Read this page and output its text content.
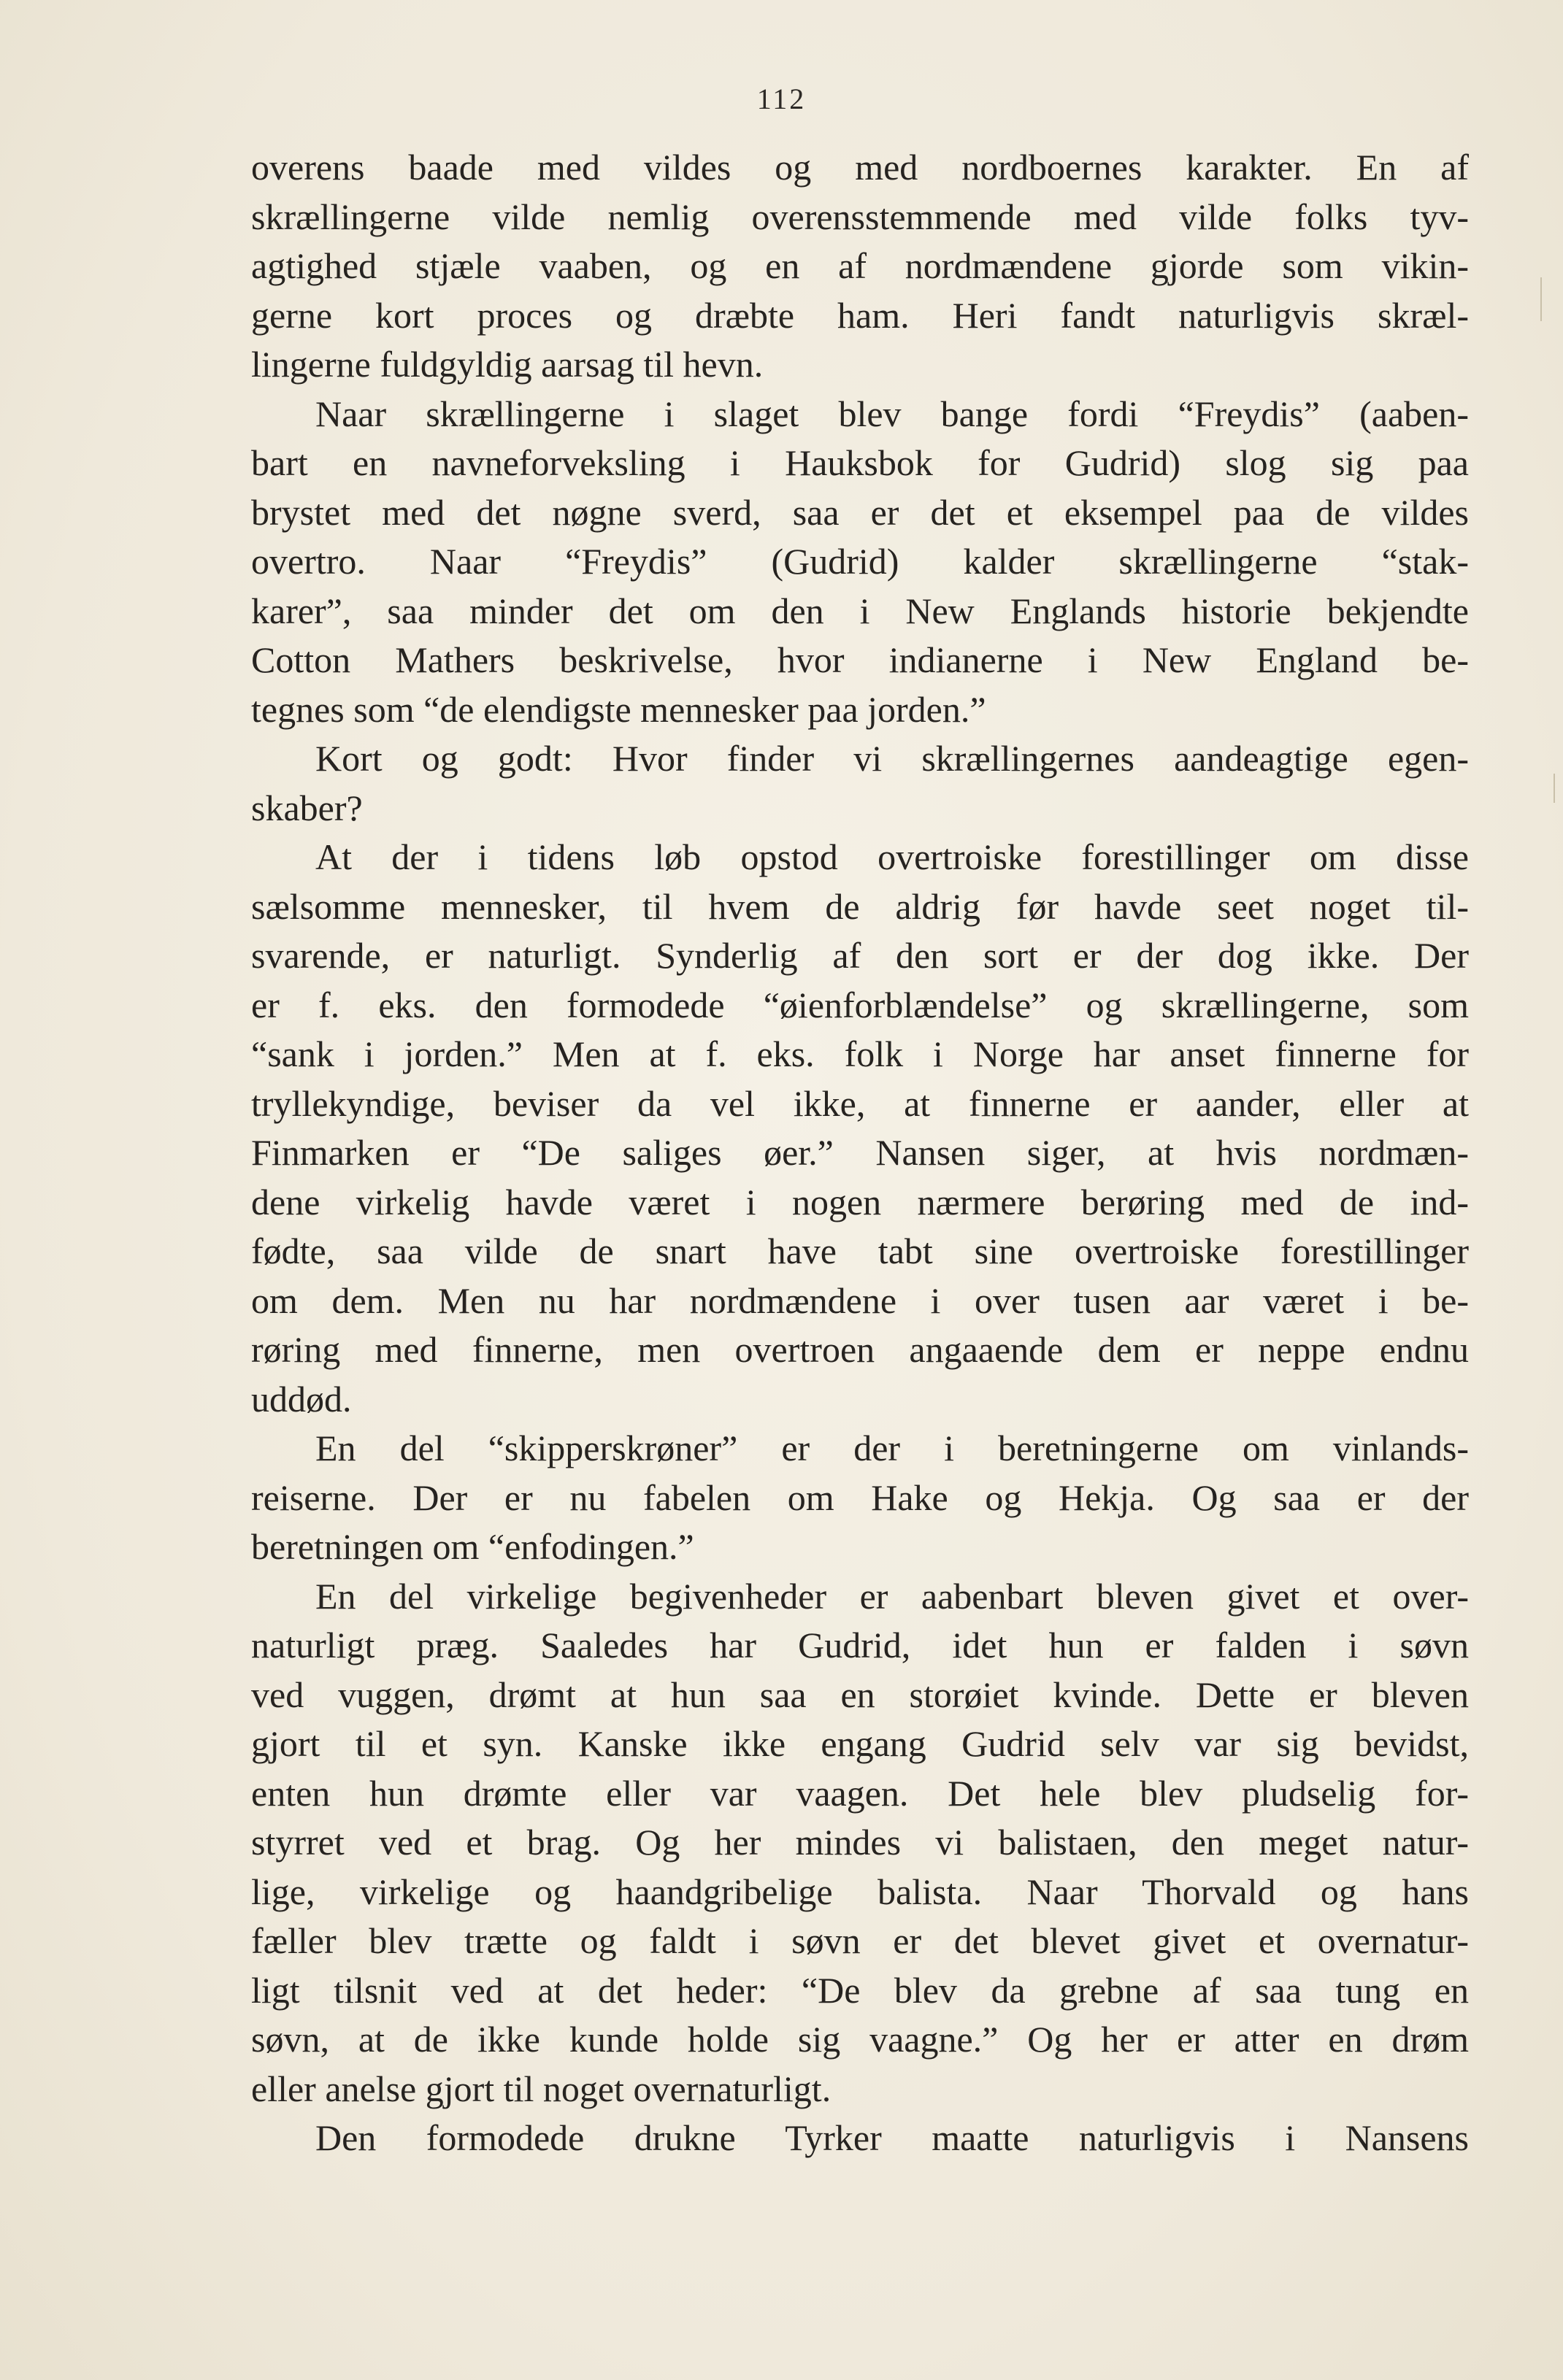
112
overens baade med vildes og med nordboernes karakter. En af
skrællingerne vilde nemlig overensstemmende med vilde folks tyv-
agtighed stjæle vaaben, og en af nordmændene gjorde som vikin-
gerne kort proces og dræbte ham. Heri fandt naturligvis skræl-
lingerne fuldgyldig aarsag til hevn.
Naar skrællingerne i slaget blev bange fordi “Freydis” (aaben-
bart en navneforveksling i Hauksbok for Gudrid) slog sig paa
brystet med det nøgne sverd, saa er det et eksempel paa de vildes
overtro. Naar “Freydis” (Gudrid) kalder skrællingerne “stak-
karer”, saa minder det om den i New Englands historie bekjendte
Cotton Mathers beskrivelse, hvor indianerne i New England be-
tegnes som “de elendigste mennesker paa jorden.”
Kort og godt: Hvor finder vi skrællingernes aandeagtige egen-
skaber?
At der i tidens løb opstod overtroiske forestillinger om disse
sælsomme mennesker, til hvem de aldrig før havde seet noget til-
svarende, er naturligt. Synderlig af den sort er der dog ikke. Der
er f. eks. den formodede “øienforblændelse” og skrællingerne, som
“sank i jorden.” Men at f. eks. folk i Norge har anset finnerne for
tryllekyndige, beviser da vel ikke, at finnerne er aander, eller at
Finmarken er “De saliges øer.” Nansen siger, at hvis nordmæn-
dene virkelig havde været i nogen nærmere berøring med de ind-
fødte, saa vilde de snart have tabt sine overtroiske forestillinger
om dem. Men nu har nordmændene i over tusen aar været i be-
røring med finnerne, men overtroen angaaende dem er neppe endnu
uddød.
En del “skipperskrøner” er der i beretningerne om vinlands-
reiserne. Der er nu fabelen om Hake og Hekja. Og saa er der
beretningen om “enfodingen.”
En del virkelige begivenheder er aabenbart bleven givet et over-
naturligt præg. Saaledes har Gudrid, idet hun er falden i søvn
ved vuggen, drømt at hun saa en storøiet kvinde. Dette er bleven
gjort til et syn. Kanske ikke engang Gudrid selv var sig bevidst,
enten hun drømte eller var vaagen. Det hele blev pludselig for-
styrret ved et brag. Og her mindes vi balistaen, den meget natur-
lige, virkelige og haandgribelige balista. Naar Thorvald og hans
fæller blev trætte og faldt i søvn er det blevet givet et overnatur-
ligt tilsnit ved at det heder: “De blev da grebne af saa tung en
søvn, at de ikke kunde holde sig vaagne.” Og her er atter en drøm
eller anelse gjort til noget overnaturligt.
Den formodede drukne Tyrker maatte naturligvis i Nansens
